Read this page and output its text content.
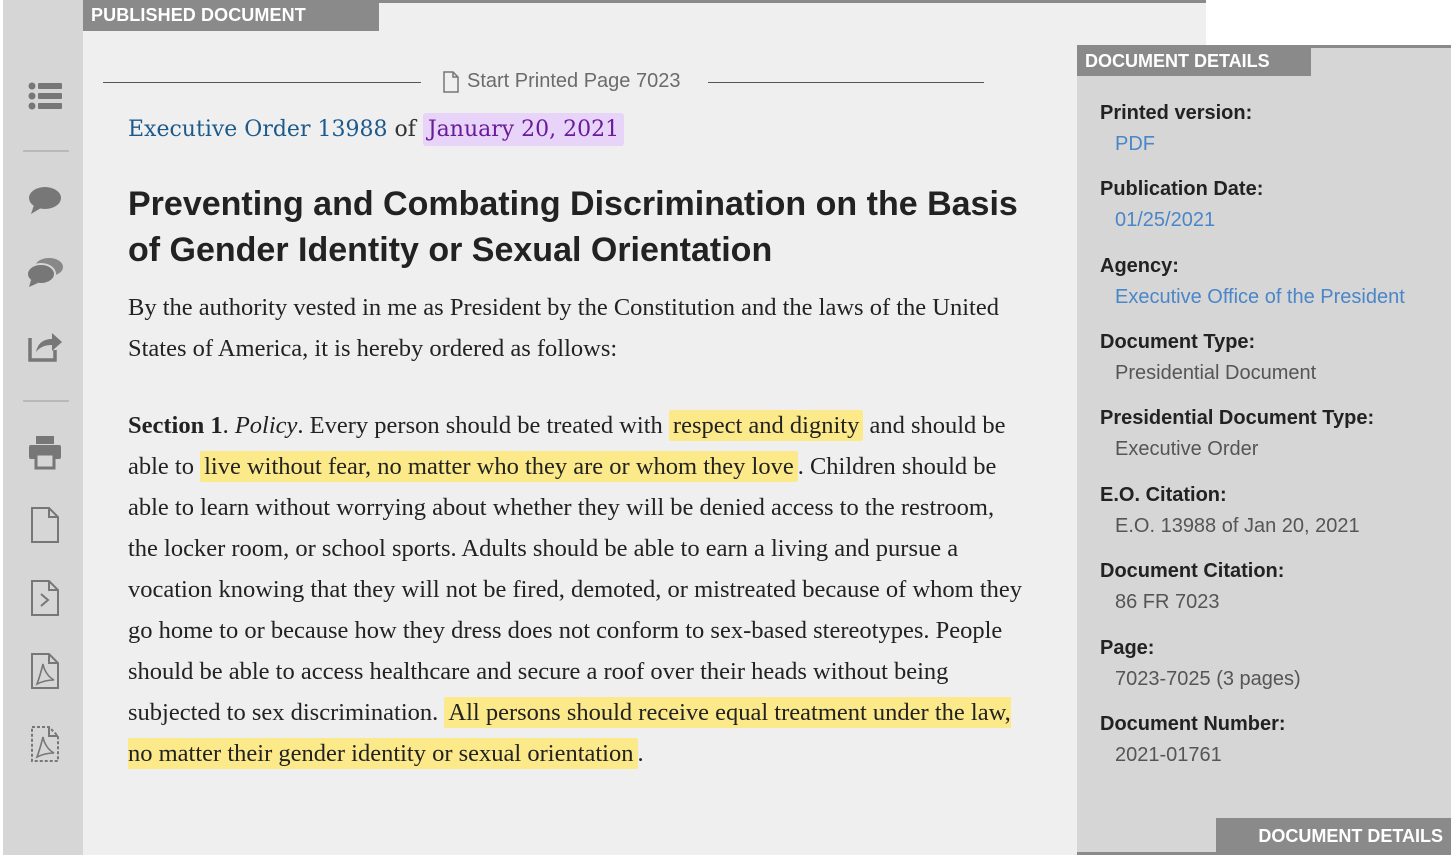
PUBLISHED DOCUMENT
Start Printed Page 7023
Executive Order 13988 of January 20, 2021
Preventing and Combating Discrimination on the Basis of Gender Identity or Sexual Orientation

By the authority vested in me as President by the Constitution and the laws of the United States of America, it is hereby ordered as follows:

Section 1. Policy. Every person should be treated with respect and dignity and should be able to live without fear, no matter who they are or whom they love . Children should be able to learn without worrying about whether they will be denied access to the restroom, the locker room, or school sports. Adults should be able to earn a living and pursue a vocation knowing that they will not be fired, demoted, or mistreated because of whom they go home to or because how they dress does not conform to sex-based stereotypes. People should be able to access healthcare and secure a roof over their heads without being subjected to sex discrimination. All persons should receive equal treatment under the law, no matter their gender identity or sexual orientation .

DOCUMENT DETAILS
Printed version:
PDF
Publication Date:
01/25/2021
Agency:
Executive Office of the President
Document Type:
Presidential Document
Presidential Document Type:
Executive Order
E.O. Citation:
E.O. 13988 of Jan 20, 2021
Document Citation:
86 FR 7023
Page:
7023-7025 (3 pages)
Document Number:
2021-01761
DOCUMENT DETAILS
